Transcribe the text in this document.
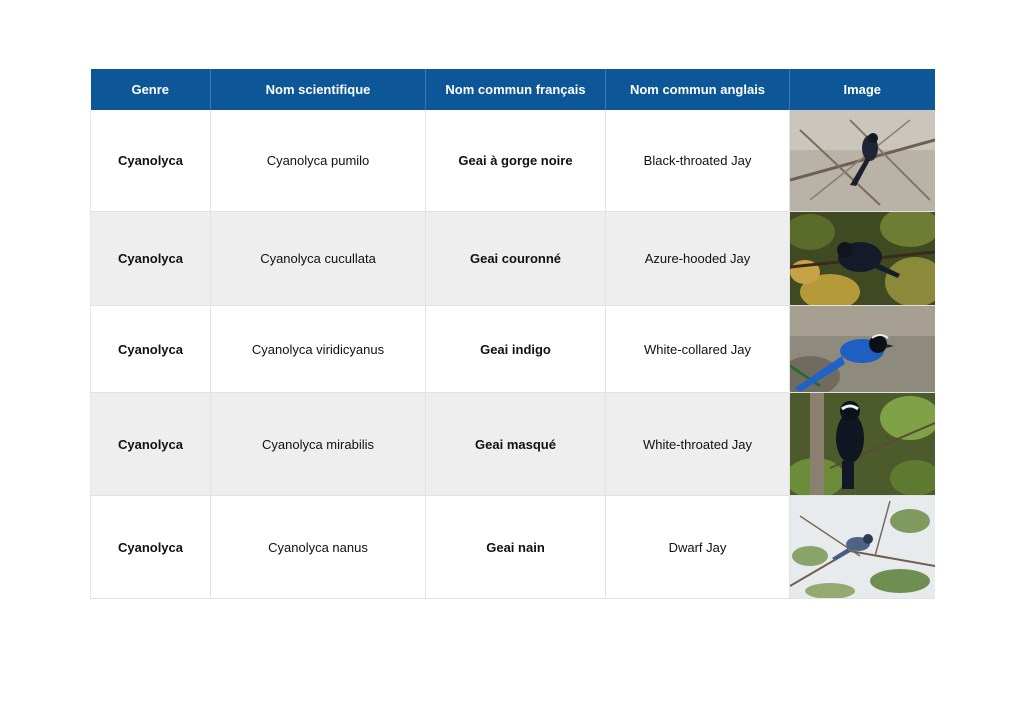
Genre	Nom scientifique	Nom commun français	Nom commun anglais	Image
Cyanolyca	Cyanolyca pumilo	Geai à gorge noire	Black-throated Jay	

Cyanolyca	Cyanolyca cucullata	Geai couronné	Azure-hooded Jay	

Cyanolyca	Cyanolyca viridicyanus	Geai indigo	White-collared Jay	

Cyanolyca	Cyanolyca mirabilis	Geai masqué	White-throated Jay	

Cyanolyca	Cyanolyca nanus	Geai nain	Dwarf Jay	
